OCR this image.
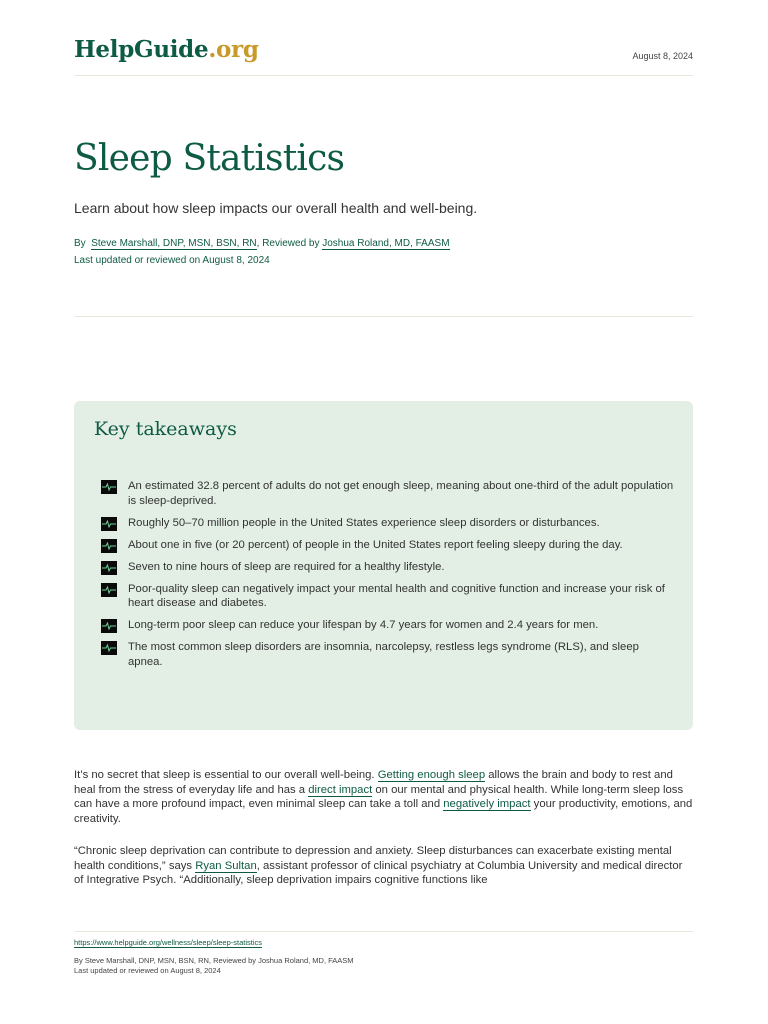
HelpGuide.org	August 8, 2024
Sleep Statistics
Learn about how sleep impacts our overall health and well-being.
By Steve Marshall, DNP, MSN, BSN, RN, Reviewed by Joshua Roland, MD, FAASM
Last updated or reviewed on August 8, 2024
Key takeaways
An estimated 32.8 percent of adults do not get enough sleep, meaning about one-third of the adult population is sleep-deprived.
Roughly 50–70 million people in the United States experience sleep disorders or disturbances.
About one in five (or 20 percent) of people in the United States report feeling sleepy during the day.
Seven to nine hours of sleep are required for a healthy lifestyle.
Poor-quality sleep can negatively impact your mental health and cognitive function and increase your risk of heart disease and diabetes.
Long-term poor sleep can reduce your lifespan by 4.7 years for women and 2.4 years for men.
The most common sleep disorders are insomnia, narcolepsy, restless legs syndrome (RLS), and sleep apnea.

It’s no secret that sleep is essential to our overall well-being. Getting enough sleep allows the brain and body to rest and heal from the stress of everyday life and has a direct impact on our mental and physical health. While long-term sleep loss can have a more profound impact, even minimal sleep can take a toll and negatively impact your productivity, emotions, and creativity.

“Chronic sleep deprivation can contribute to depression and anxiety. Sleep disturbances can exacerbate existing mental health conditions,” says Ryan Sultan, assistant professor of clinical psychiatry at Columbia University and medical director of Integrative Psych. “Additionally, sleep deprivation impairs cognitive functions like

https://www.helpguide.org/wellness/sleep/sleep-statistics
By Steve Marshall, DNP, MSN, BSN, RN, Reviewed by Joshua Roland, MD, FAASM
Last updated or reviewed on August 8, 2024
